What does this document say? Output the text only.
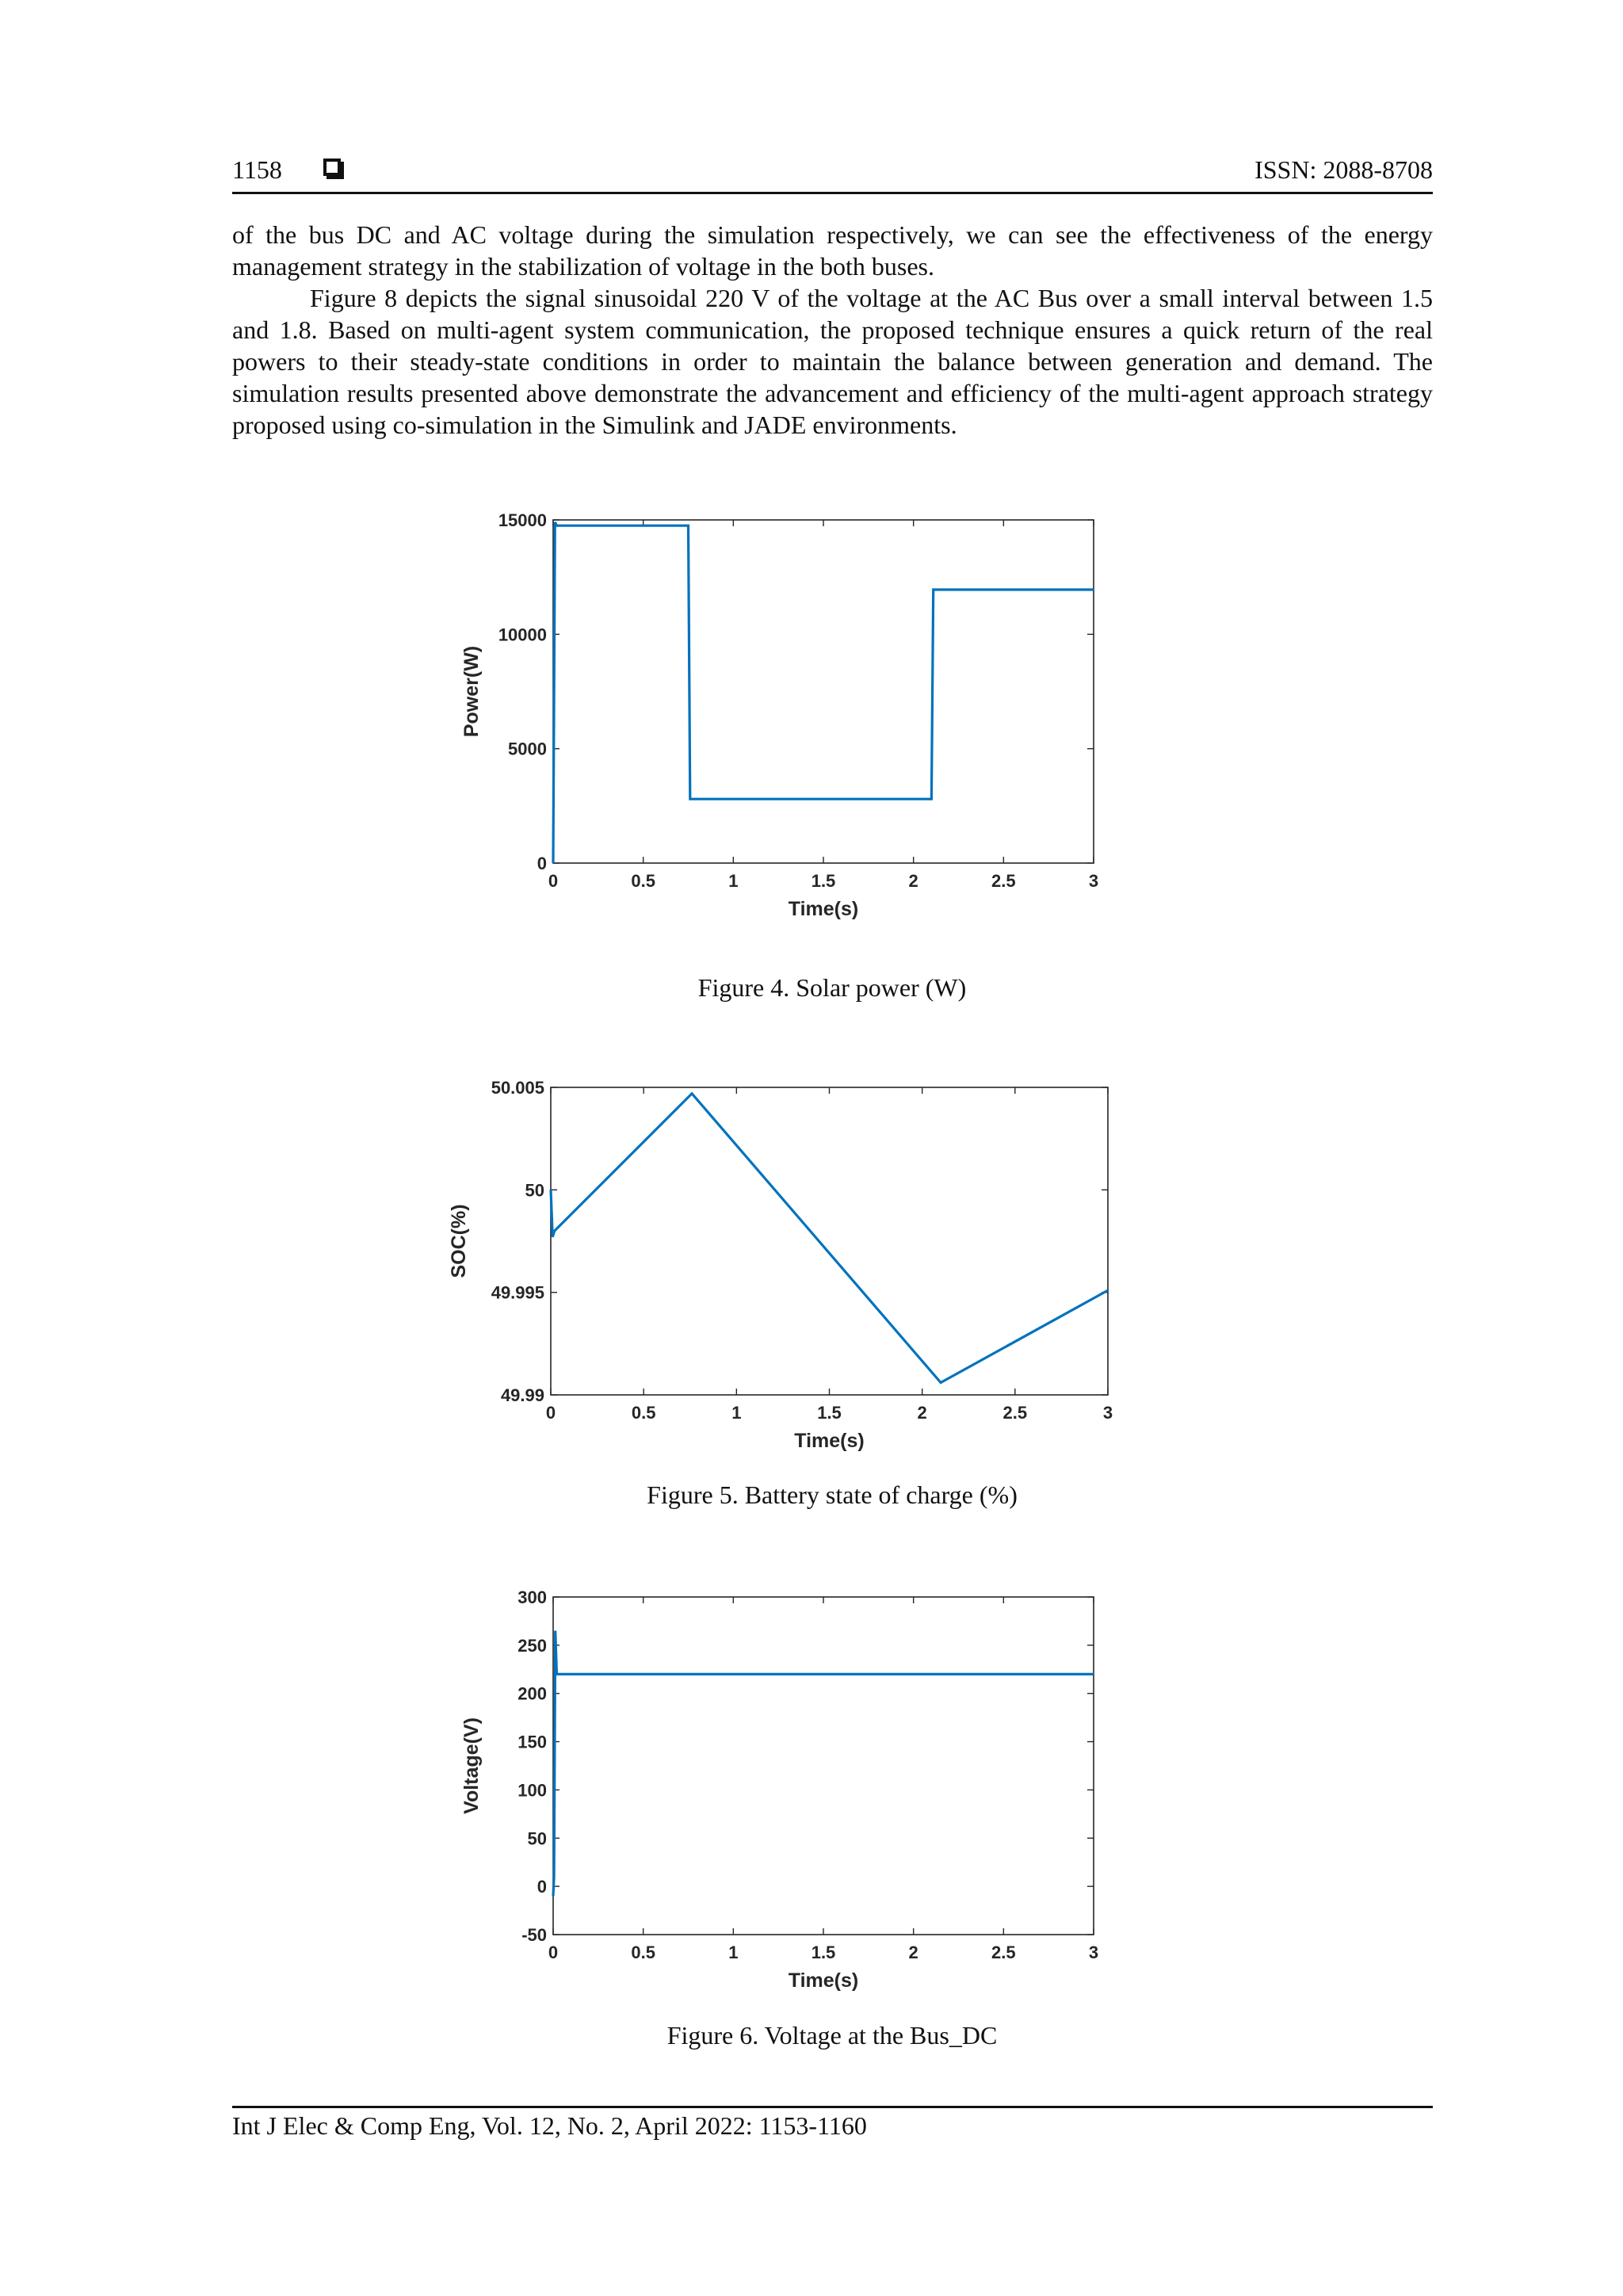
1158	ISSN: 2088-8708

of the bus DC and AC voltage during the simulation respectively, we can see the effectiveness of the energy management strategy in the stabilization of voltage in the both buses.

Figure 8 depicts the signal sinusoidal 220 V of the voltage at the AC Bus over a small interval between 1.5 and 1.8. Based on multi-agent system communication, the proposed technique ensures a quick return of the real powers to their steady-state conditions in order to maintain the balance between generation and demand. The simulation results presented above demonstrate the advancement and efficiency of the multi-agent approach strategy proposed using co-simulation in the Simulink and JADE environments.

0	0.5	1	1.5	2	2.5	3
0
5000
10000
15000
Time(s)
Power(W)
Figure 4. Solar power (W)
0	0.5	1	1.5	2	2.5	3
49.99
49.995
50
50.005
Time(s)
SOC(%)
Figure 5. Battery state of charge (%)
0	0.5	1	1.5	2	2.5	3
-50
0
50
100
150
200
250
300
Time(s)
Voltage(V)
Figure 6. Voltage at the Bus_DC
Int J Elec & Comp Eng, Vol. 12, No. 2, April 2022: 1153-1160
